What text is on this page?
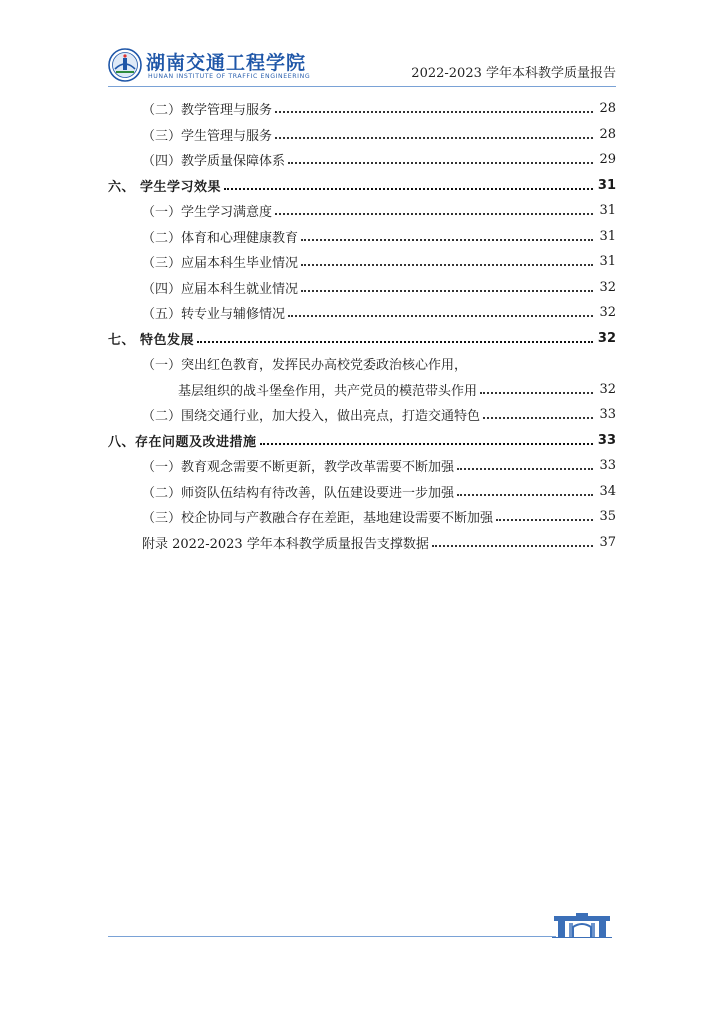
湖南交通工程学院
HUNAN INSTITUTE OF TRAFFIC ENGINEERING	2022-2023 学年本科教学质量报告
（二）教学管理与服务	28
（三）学生管理与服务	28
（四）教学质量保障体系	29
六、 学生学习效果	31
（一）学生学习满意度	31
（二）体育和心理健康教育	31
（三）应届本科生毕业情况	31
（四）应届本科生就业情况	32
（五）转专业与辅修情况	32
七、 特色发展	32
（一）突出红色教育，发挥民办高校党委政治核心作用，
基层组织的战斗堡垒作用，共产党员的模范带头作用	32
（二）围绕交通行业，加大投入，做出亮点，打造交通特色	33
八、存在问题及改进措施	33
（一）教育观念需要不断更新，教学改革需要不断加强	33
（二）师资队伍结构有待改善，队伍建设要进一步加强	34
（三）校企协同与产教融合存在差距，基地建设需要不断加强	35
附录 2022-2023 学年本科教学质量报告支撑数据	37
